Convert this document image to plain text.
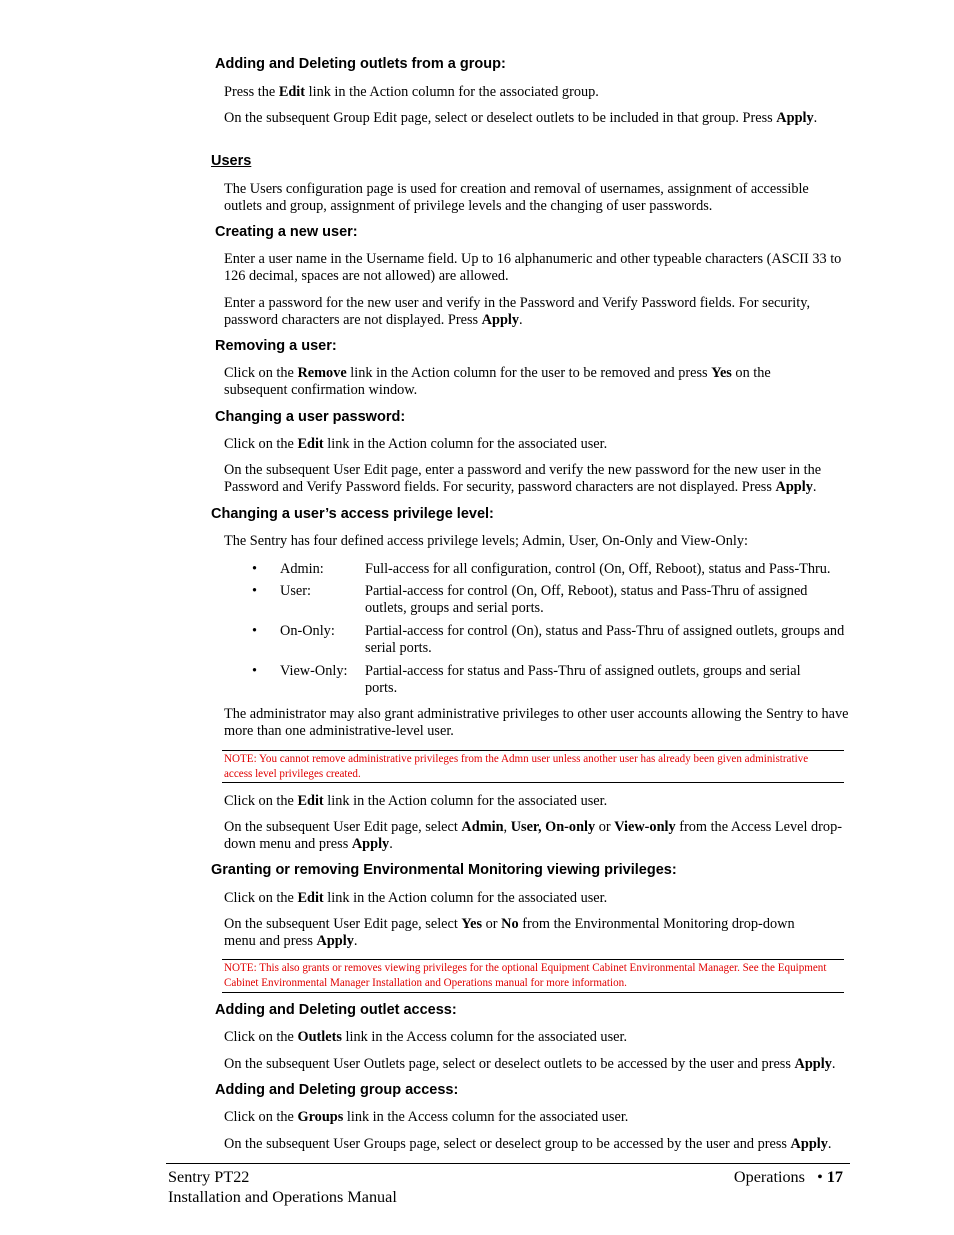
Adding and Deleting outlets from a group:
Press the Edit link in the Action column for the associated group.
On the subsequent Group Edit page, select or deselect outlets to be included in that group. Press Apply.
Users
The Users configuration page is used for creation and removal of usernames, assignment of accessible outlets and group, assignment of privilege levels and the changing of user passwords.
Creating a new user:
Enter a user name in the Username field. Up to 16 alphanumeric and other typeable characters (ASCII 33 to 126 decimal, spaces are not allowed) are allowed.
Enter a password for the new user and verify in the Password and Verify Password fields. For security, password characters are not displayed. Press Apply.
Removing a user:
Click on the Remove link in the Action column for the user to be removed and press Yes on the subsequent confirmation window.
Changing a user password:
Click on the Edit link in the Action column for the associated user.
On the subsequent User Edit page, enter a password and verify the new password for the new user in the Password and Verify Password fields. For security, password characters are not displayed. Press Apply.
Changing a user’s access privilege level:
The Sentry has four defined access privilege levels; Admin, User, On-Only and View-Only:
• Admin:	Full-access for all configuration, control (On, Off, Reboot), status and Pass-Thru.
• User:	Partial-access for control (On, Off, Reboot), status and Pass-Thru of assigned outlets, groups and serial ports.
• On-Only: Partial-access for control (On), status and Pass-Thru of assigned outlets, groups and serial ports.
• View-Only: Partial-access for status and Pass-Thru of assigned outlets, groups and serial ports.
The administrator may also grant administrative privileges to other user accounts allowing the Sentry to have more than one administrative-level user.
NOTE: You cannot remove administrative privileges from the Admn user unless another user has already been given administrative access level privileges created.
Click on the Edit link in the Action column for the associated user.
On the subsequent User Edit page, select Admin, User, On-only or View-only from the Access Level drop-down menu and press Apply.
Granting or removing Environmental Monitoring viewing privileges:
Click on the Edit link in the Action column for the associated user.
On the subsequent User Edit page, select Yes or No from the Environmental Monitoring drop-down menu and press Apply.
NOTE: This also grants or removes viewing privileges for the optional Equipment Cabinet Environmental Manager. See the Equipment Cabinet Environmental Manager Installation and Operations manual for more information.
Adding and Deleting outlet access:
Click on the Outlets link in the Access column for the associated user.
On the subsequent User Outlets page, select or deselect outlets to be accessed by the user and press Apply.
Adding and Deleting group access:
Click on the Groups link in the Access column for the associated user.
On the subsequent User Groups page, select or deselect group to be accessed by the user and press Apply.
Sentry PT22
Installation and Operations Manual
Operations • 17
